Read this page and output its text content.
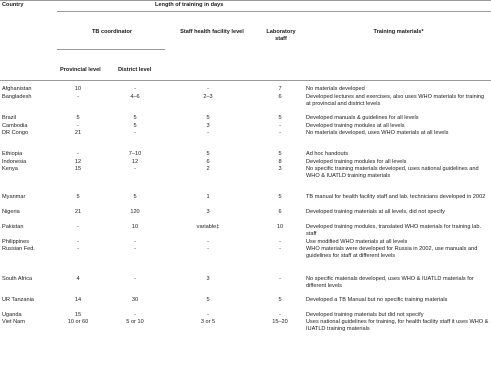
Country	Length of training in days
TB coordinator	Staff health facility level	Laboratory staff
Training materials*
Provincial level	District level
Afghanistan	10	-	-	7	No materials developed
Bangladesh	-	4–6	2–3	6	Developed lectures and exercises, also uses WHO materials for training at provincial and district levels
Brazil	5	5	5	5	Developed manuals & guidelines for all levels
Cambodia	-	5	3	-	Developed training modules at all levels
DR Congo	21	-	-	-	No materials developed, uses WHO materials at all levels
Ethiopia	-	7–10	5	5	Ad hoc handouts
Indonesia	12	12	6	8	Developed training modules for all levels
Kenya	15	-	2	3	No specific training materials developed, uses national guidelines and WHO & IUATLD training materials
Myanmar	5	5	1	5	TB manual for health facility staff and lab. technicians developed in 2002
Nigeria	21	120	3	6	Developed training materials at all levels, did not specify
Pakistan	-	10	variable‡	10	Developed training modules, translated WHO materials for training lab. staff
Philippines	-	-	-	-	Use modified WHO materials at all levels
Russian Fed.	-	-	-	-	WHO materials were developed for Russia in 2002, use manuals and guidelines for staff at different levels
South Africa	4	-	3	-	No specific materials developed, uses WHO & IUATLD materials for different levels
UR Tanzania	14	30	5	5	Developed a TB Manual but no specific training materials
Uganda	15	-	-	-	Developed training materials but did not specify
Viet Nam	10 or 60	5 or 10	3 or 5	15–20	Uses national guidelines for training, for health facility staff it uses WHO & IUATLD training materials
